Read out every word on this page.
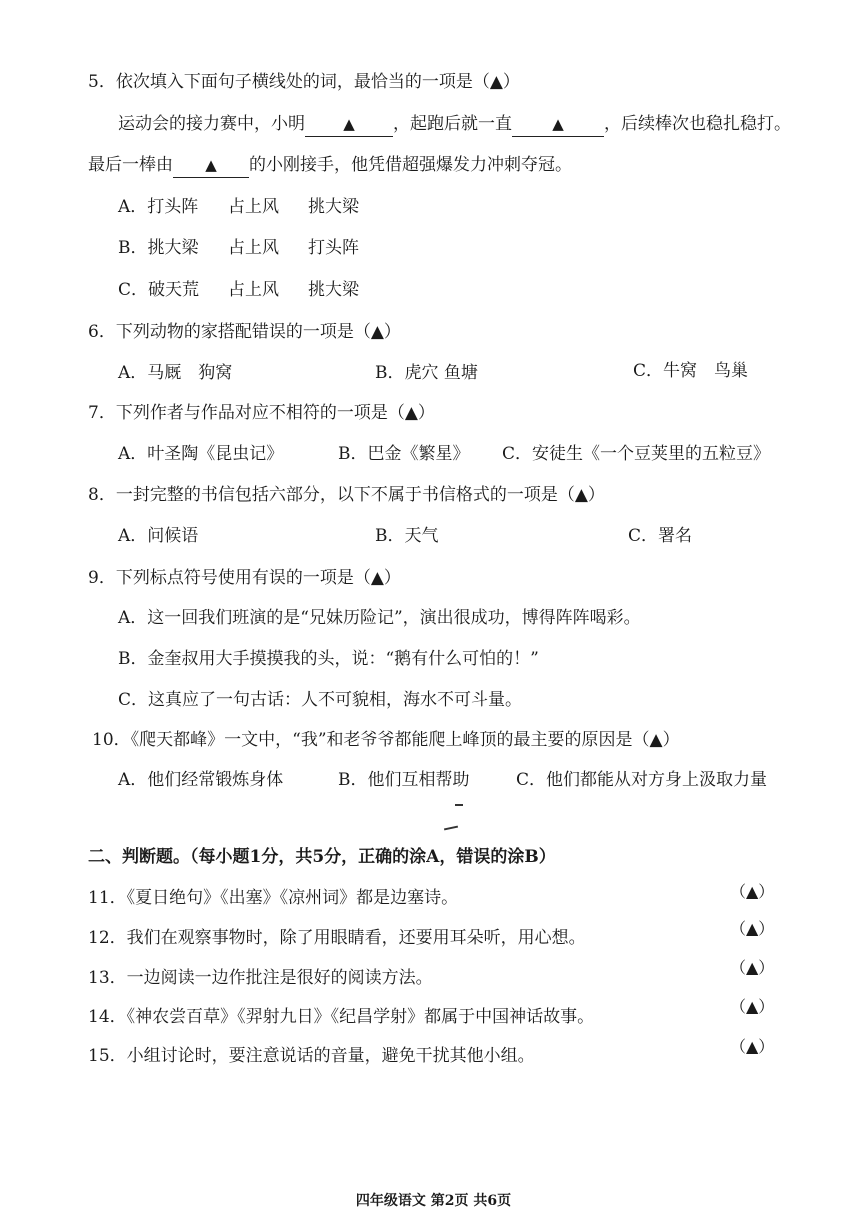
5．依次填入下面句子横线处的词，最恰当的一项是（▲）
运动会的接力赛中，小明	▲ ，起跑后就一直	▲ ，后续棒次也稳扎稳打。
最后一棒由 ▲ 的小刚接手，他凭借超强爆发力冲刺夺冠。
A．打头阵 占上风 挑大梁
B．挑大梁 占上风 打头阵
C．破天荒 占上风 挑大梁
6．下列动物的家搭配错误的一项是（▲）
A．马厩　狗窝	B．虎穴 鱼塘	C．牛窝　鸟巢
7．下列作者与作品对应不相符的一项是（▲）
A．叶圣陶《昆虫记》	B．巴金《繁星》 C．安徒生《一个豆荚里的五粒豆》
8．一封完整的书信包括六部分，以下不属于书信格式的一项是（▲）
A．问候语	B．天气	C．署名
9．下列标点符号使用有误的一项是（▲）
A．这一回我们班演的是“兄妹历险记”，演出很成功，博得阵阵喝彩。
B．金奎叔用大手摸摸我的头，说：“鹅有什么可怕的！”
C．这真应了一句古话：人不可貌相，海水不可斗量。
10．《爬天都峰》一文中，“我”和老爷爷都能爬上峰顶的最主要的原因是（▲）
A．他们经常锻炼身体	B．他们互相帮助	C．他们都能从对方身上汲取力量
二、判断题。（每小题1分，共5分，正确的涂A，错误的涂B）
11．《夏日绝句》《出塞》《凉州词》都是边塞诗。	（▲）
12．我们在观察事物时，除了用眼睛看，还要用耳朵听，用心想。	（▲）
13．一边阅读一边作批注是很好的阅读方法。
（▲）
14．《神农尝百草》《羿射九日》《纪昌学射》都属于中国神话故事。
（▲）
15．小组讨论时，要注意说话的音量，避免干扰其他小组。	（▲）
四年级语文 第2页 共6页
